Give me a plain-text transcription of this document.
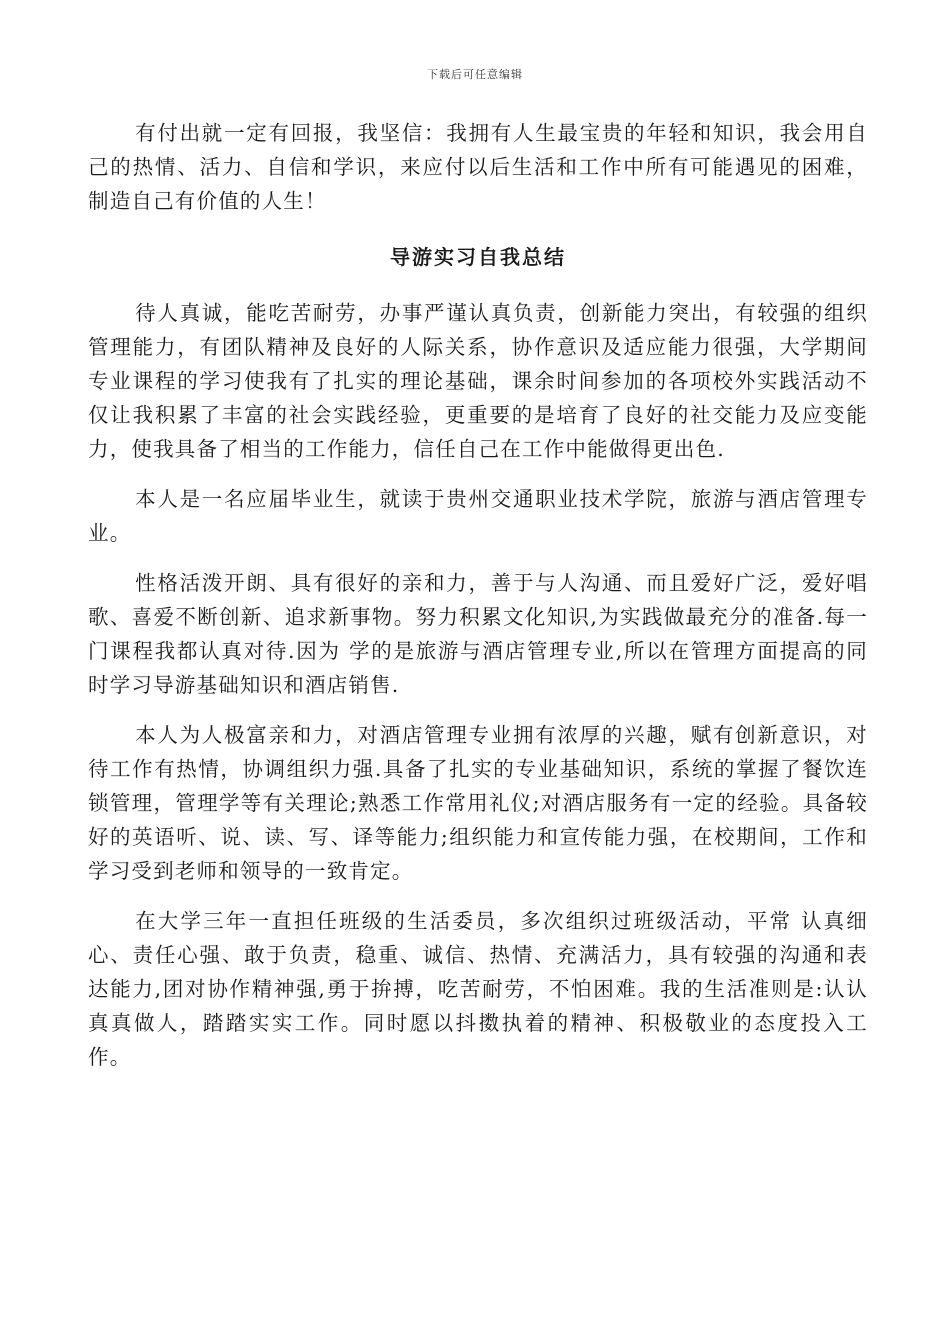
下载后可任意编辑

有付出就一定有回报，我坚信：我拥有人生最宝贵的年轻和知识，我会用自己的热情、活力、自信和学识，来应付以后生活和工作中所有可能遇见的困难，制造自己有价值的人生！

导游实习自我总结

待人真诚，能吃苦耐劳，办事严谨认真负责，创新能力突出，有较强的组织管理能力，有团队精神及良好的人际关系，协作意识及适应能力很强，大学期间专业课程的学习使我有了扎实的理论基础，课余时间参加的各项校外实践活动不仅让我积累了丰富的社会实践经验，更重要的是培育了良好的社交能力及应变能力，使我具备了相当的工作能力，信任自己在工作中能做得更出色.

本人是一名应届毕业生，就读于贵州交通职业技术学院，旅游与酒店管理专业。

性格活泼开朗、具有很好的亲和力，善于与人沟通、而且爱好广泛，爱好唱歌、喜爱不断创新、追求新事物。努力积累文化知识,为实践做最充分的准备.每一门课程我都认真对待.因为 学的是旅游与酒店管理专业,所以在管理方面提高的同时学习导游基础知识和酒店销售.

本人为人极富亲和力，对酒店管理专业拥有浓厚的兴趣，赋有创新意识，对待工作有热情，协调组织力强.具备了扎实的专业基础知识，系统的掌握了餐饮连锁管理，管理学等有关理论;熟悉工作常用礼仪;对酒店服务有一定的经验。具备较好的英语听、说、读、写、译等能力;组织能力和宣传能力强，在校期间，工作和学习受到老师和领导的一致肯定。

在大学三年一直担任班级的生活委员，多次组织过班级活动，平常 认真细心、责任心强、敢于负责，稳重、诚信、热情、充满活力，具有较强的沟通和表达能力,团对协作精神强,勇于拚搏，吃苦耐劳，不怕困难。我的生活准则是:认认真真做人，踏踏实实工作。同时愿以抖擞执着的精神、积极敬业的态度投入工作。
